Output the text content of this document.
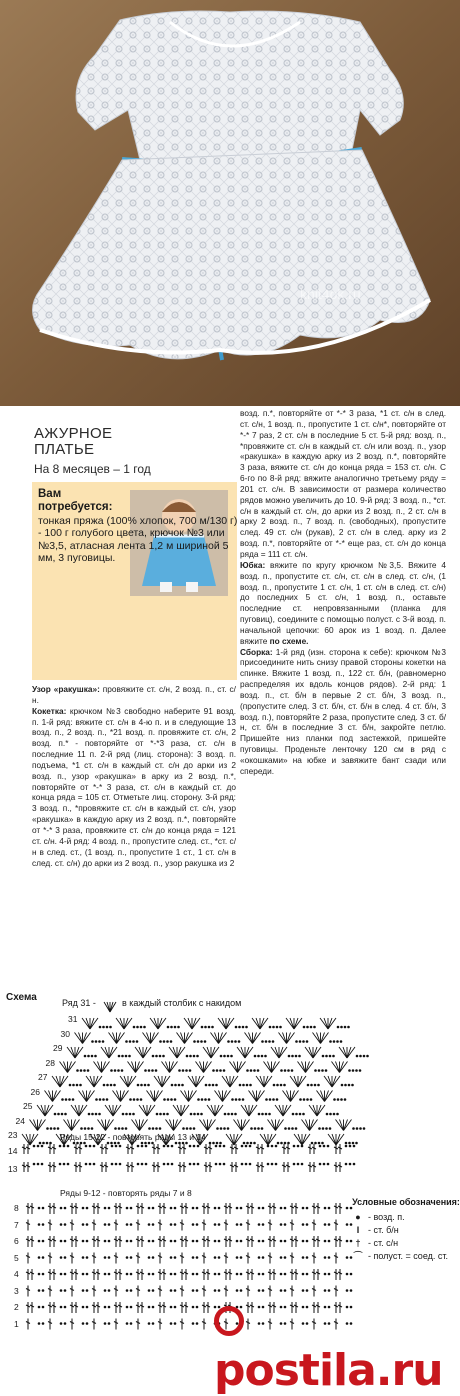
knit4ok.ru
АЖУРНОЕ
ПЛАТЬЕ
На 8 месяцев – 1 год
Вам потребуется:
тонкая пряжа (100% хлопок, 700 м/130 г) - 100 г голубого цвета, крючок №3 или №3,5, атласная лента 1,2 м шириной 5 мм, 3 пуговицы.

Узор «ракушка»: провяжите ст. с/н, 2 возд. п., ст. с/н.

Кокетка: крючком №3 свободно наберите 91 возд. п. 1-й ряд: вяжите ст. с/н в 4-ю п. и в следующие 13 возд. п., 2 возд. п., *21 возд. п. провяжите ст. с/н, 2 возд. п.* - повторяйте от *-*3 раза, ст. с/н в последние 11 п. 2-й ряд (лиц. сторона): 3 возд. п. подъема, *1 ст. с/н в каждый ст. с/н до арки из 2 возд. п., узор «ракушка» в арку из 2 возд. п.*, повторяйте от *-* 3 раза, ст. с/н в каждый ст. до конца ряда = 105 ст. Отметьте лиц. сторону. 3-й ряд: 3 возд. п., *провяжите ст. с/н в каждый ст. с/н, узор «ракушка» в каждую арку из 2 возд. п.*, повторяйте от *-* 3 раза, провяжите ст. с/н до конца ряда = 121 ст. с/н. 4-й ряд: 4 возд. п., пропустите след. ст., *ст. с/н в след. ст., (1 возд. п., пропустите 1 ст., 1 ст. с/н в след. ст. с/н) до арки из 2 возд. п., узор ракушка из 2

возд. п.*, повторяйте от *-* 3 раза, *1 ст. с/н в след. ст. с/н, 1 возд. п., пропустите 1 ст. с/н*, повторяйте от *-* 7 раз, 2 ст. с/н в последние 5 ст. 5-й ряд: возд. п., *провяжите ст. с/н в каждый ст. с/н или возд. п., узор «ракушка» в каждую арку из 2 возд. п.*, повторяйте 3 раза, вяжите ст. с/н до конца ряда = 153 ст. с/н. С 6-го по 8-й ряд: вяжите аналогично третьему ряду = 201 ст. с/н. В зависимости от размера количество рядов можно увеличить до 10. 9-й ряд: 3 возд. п., *ст. с/н в каждый ст. с/н, до арки из 2 возд. п., 2 ст. с/н в арку 2 возд. п., 7 возд. п. (свободных), пропустите след. 49 ст. с/н (рукав), 2 ст. с/н в след. арку из 2 возд. п.*, повторяйте от *-* еще раз, ст. с/н до конца ряда = 111 ст. с/н.

Юбка: вяжите по кругу крючком №3,5. Вяжите 4 возд. п., пропустите ст. с/н, ст. с/н в след. ст. с/н, (1 возд. п., пропустите 1 ст. с/н, 1 ст. с/н в след. ст. с/н) до последних 5 ст. с/н, 1 возд. п., оставьте последние ст. непровязанными (планка для пуговиц), соедините с помощью полуст. с 3-й возд. п. начальной цепочки: 60 арок из 1 возд. п. Далее вяжите по схеме.

Сборка: 1-й ряд (изн. сторона к себе): крючком №3 присоедините нить снизу правой стороны кокетки на спинке. Вяжите 1 возд. п., 122 ст. б/н, (равномерно распределяя их вдоль концов рядов). 2-й ряд: 1 возд. п., ст. б/н в первые 2 ст. б/н, 3 возд. п., (пропустите след. 3 ст. б/н, ст. б/н в след. 4 ст. б/н, 3 возд. п.), повторяйте 2 раза, пропустите след. 3 ст. б/н, ст. б/н в последние 3 ст. б/н, закройте петлю. Пришейте низ планки под застежкой, пришейте пуговицы. Проденьте ленточку 120 см в ряд с «окошками» на юбке и завяжите бант сзади или спереди.

Схема	Ряд 31 -	в каждый столбик с накидом
31
30
29
28
27
26
25
24
23
14
13
8
7
6
5
4
3
2
1
Ряды 15-22 - повторять ряды 13 и 14
Ряды 9-12 - повторять ряды 7 и 8
Условные обозначения:
● - возд. п.
I - ст. б/н
† - ст. с/н
⌒ - полуст. = соед. ст.
postila.ru
